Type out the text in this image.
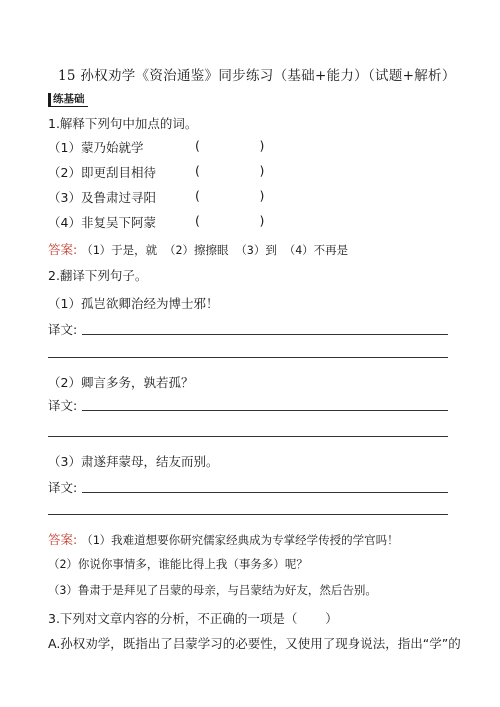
15 孙权劝学《资治通鉴》同步练习（基础+能力）（试题+解析）
练基础
1.解释下列句中加点的词。
（1）蒙乃始就学	(               )
（2）即更刮目相待	(               )
（3）及鲁肃过寻阳	(               )
（4）非复吴下阿蒙	(               )
答案: （1）于是，就 （2）擦擦眼 （3）到 （4）不再是
2.翻译下列句子。
（1）孤岂欲卿治经为博士邪！
译文:
（2）卿言多务，孰若孤？
译文:
（3）肃遂拜蒙母，结友而别。
译文:
答案: （1）我难道想要你研究儒家经典成为专掌经学传授的学官吗！
（2）你说你事情多，谁能比得上我（事务多）呢？
（3）鲁肃于是拜见了吕蒙的母亲，与吕蒙结为好友，然后告别。
3.下列对文章内容的分析，不正确的一项是（       ）
A.孙权劝学，既指出了吕蒙学习的必要性，又使用了现身说法，指出“学”的
